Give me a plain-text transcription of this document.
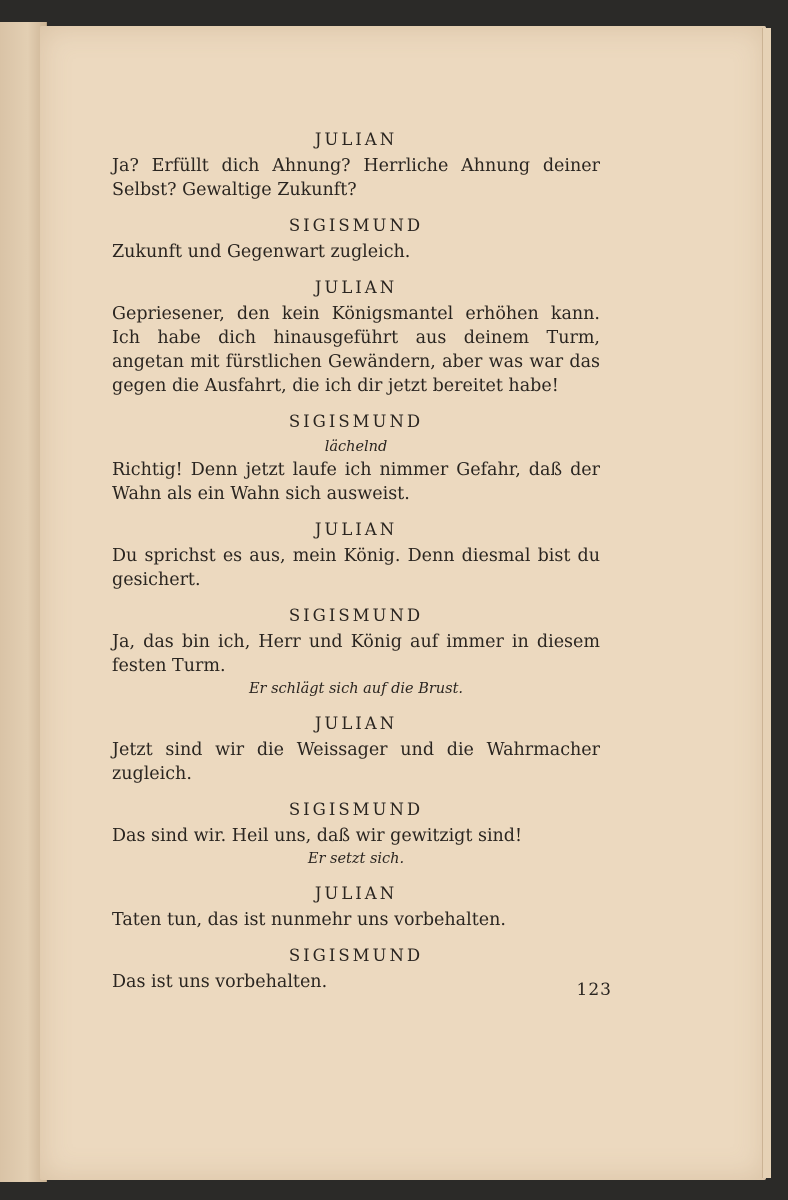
JULIAN

Ja? Erfüllt dich Ahnung? Herrliche Ahnung deiner Selbst? Gewaltige Zukunft?

SIGISMUND

Zukunft und Gegenwart zugleich.

JULIAN

Gepriesener, den kein Königsmantel erhöhen kann. Ich habe dich hinausgeführt aus deinem Turm, angetan mit fürstlichen Gewändern, aber was war das gegen die Ausfahrt, die ich dir jetzt bereitet habe!

SIGISMUND

lächelnd

Richtig! Denn jetzt laufe ich nimmer Gefahr, daß der Wahn als ein Wahn sich ausweist.

JULIAN

Du sprichst es aus, mein König. Denn diesmal bist du gesichert.

SIGISMUND

Ja, das bin ich, Herr und König auf immer in diesem festen Turm.

Er schlägt sich auf die Brust.

JULIAN

Jetzt sind wir die Weissager und die Wahrmacher zugleich.

SIGISMUND

Das sind wir. Heil uns, daß wir gewitzigt sind!

Er setzt sich.

JULIAN

Taten tun, das ist nunmehr uns vorbehalten.

SIGISMUND

Das ist uns vorbehalten.	123
